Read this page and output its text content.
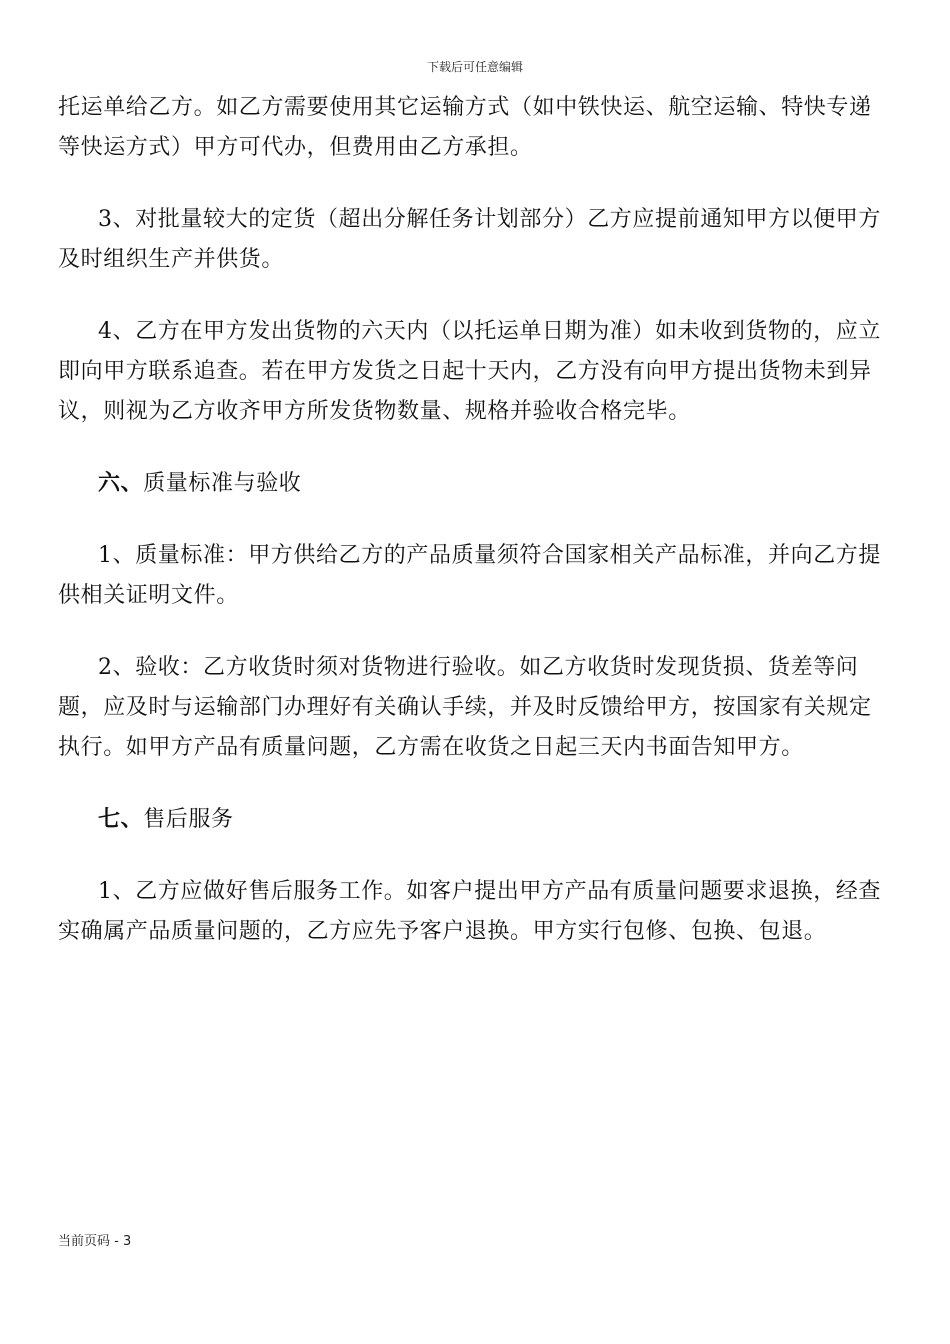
下载后可任意编辑

托运单给乙方。如乙方需要使用其它运输方式（如中铁快运、航空运输、特快专递等快运方式）甲方可代办，但费用由乙方承担。

3、对批量较大的定货（超出分解任务计划部分）乙方应提前通知甲方以便甲方及时组织生产并供货。

4、乙方在甲方发出货物的六天内（以托运单日期为准）如未收到货物的，应立即向甲方联系追查。若在甲方发货之日起十天内，乙方没有向甲方提出货物未到异议，则视为乙方收齐甲方所发货物数量、规格并验收合格完毕。

六、质量标准与验收

1、质量标准：甲方供给乙方的产品质量须符合国家相关产品标准，并向乙方提供相关证明文件。

2、验收：乙方收货时须对货物进行验收。如乙方收货时发现货损、货差等问题，应及时与运输部门办理好有关确认手续，并及时反馈给甲方，按国家有关规定执行。如甲方产品有质量问题，乙方需在收货之日起三天内书面告知甲方。

七、售后服务

1、乙方应做好售后服务工作。如客户提出甲方产品有质量问题要求退换，经查实确属产品质量问题的，乙方应先予客户退换。甲方实行包修、包换、包退。

当前页码 - 3
